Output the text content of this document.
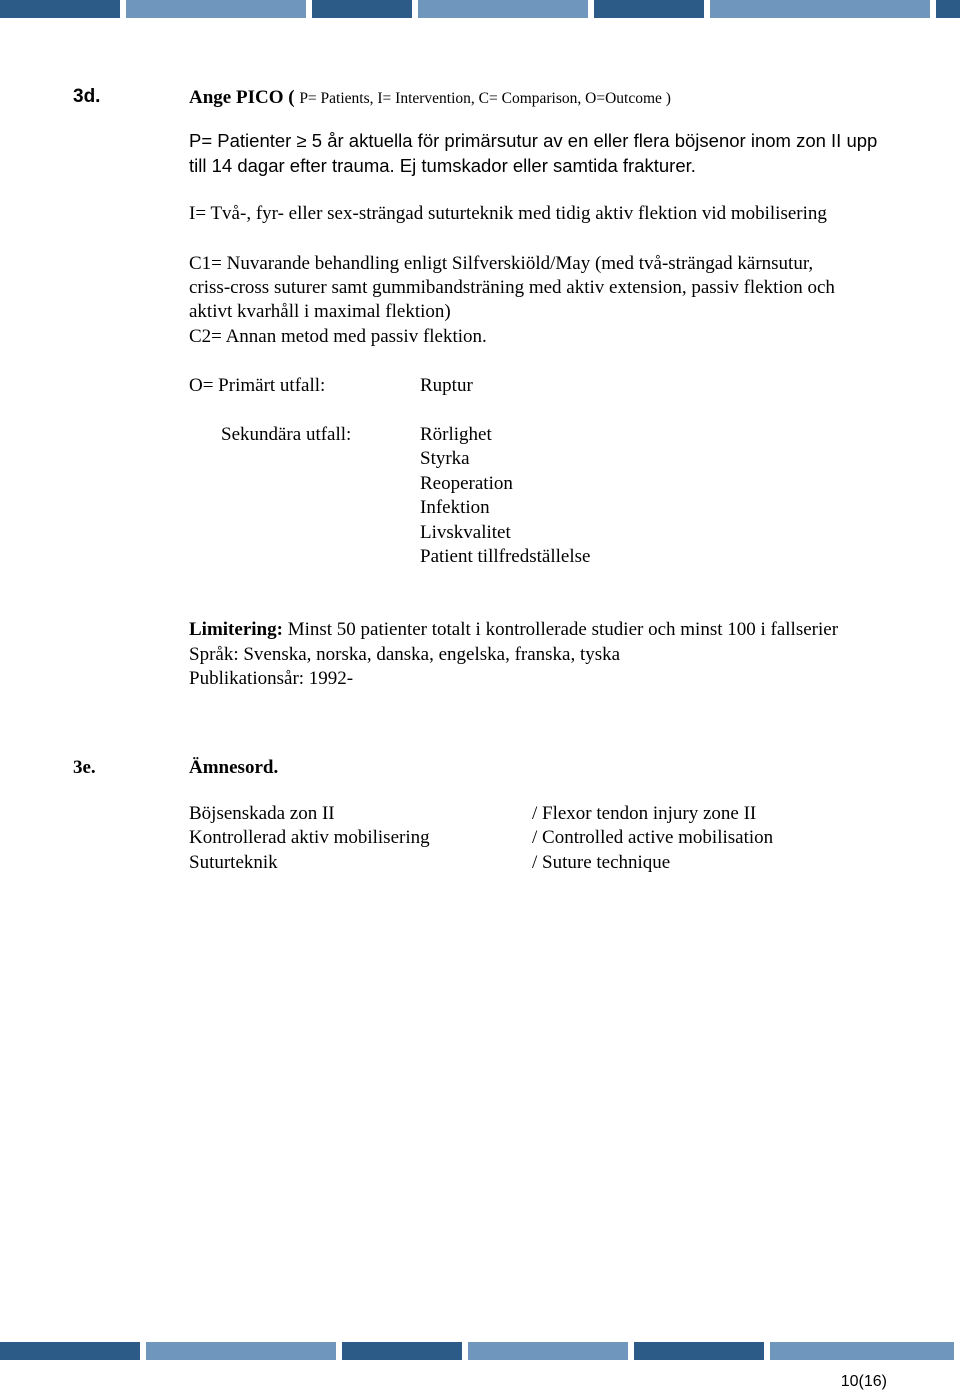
3d.	Ange PICO ( P= Patients, I= Intervention, C= Comparison, O=Outcome )
P= Patienter ≥ 5 år aktuella för primärsutur av en eller flera böjsenor inom zon II upp
till 14 dagar efter trauma. Ej tumskador eller samtida frakturer.
I= Två-, fyr- eller sex-strängad suturteknik med tidig aktiv flektion vid mobilisering
C1= Nuvarande behandling enligt Silfverskiöld/May (med två-strängad kärnsutur,
criss-cross suturer samt gummibandsträning med aktiv extension, passiv flektion och
aktivt kvarhåll i maximal flektion)
C2= Annan metod med passiv flektion.
O= Primärt utfall:	Ruptur
Sekundära utfall:	Rörlighet
Styrka
Reoperation
Infektion
Livskvalitet
Patient tillfredställelse
Limitering: Minst 50 patienter totalt i kontrollerade studier och minst 100 i fallserier
Språk: Svenska, norska, danska, engelska, franska, tyska
Publikationsår: 1992-
3e.	Ämnesord.
Böjsenskada zon II	/ Flexor tendon injury zone II
Kontrollerad aktiv mobilisering	/ Controlled active mobilisation
Suturteknik	/ Suture technique
10(16)
